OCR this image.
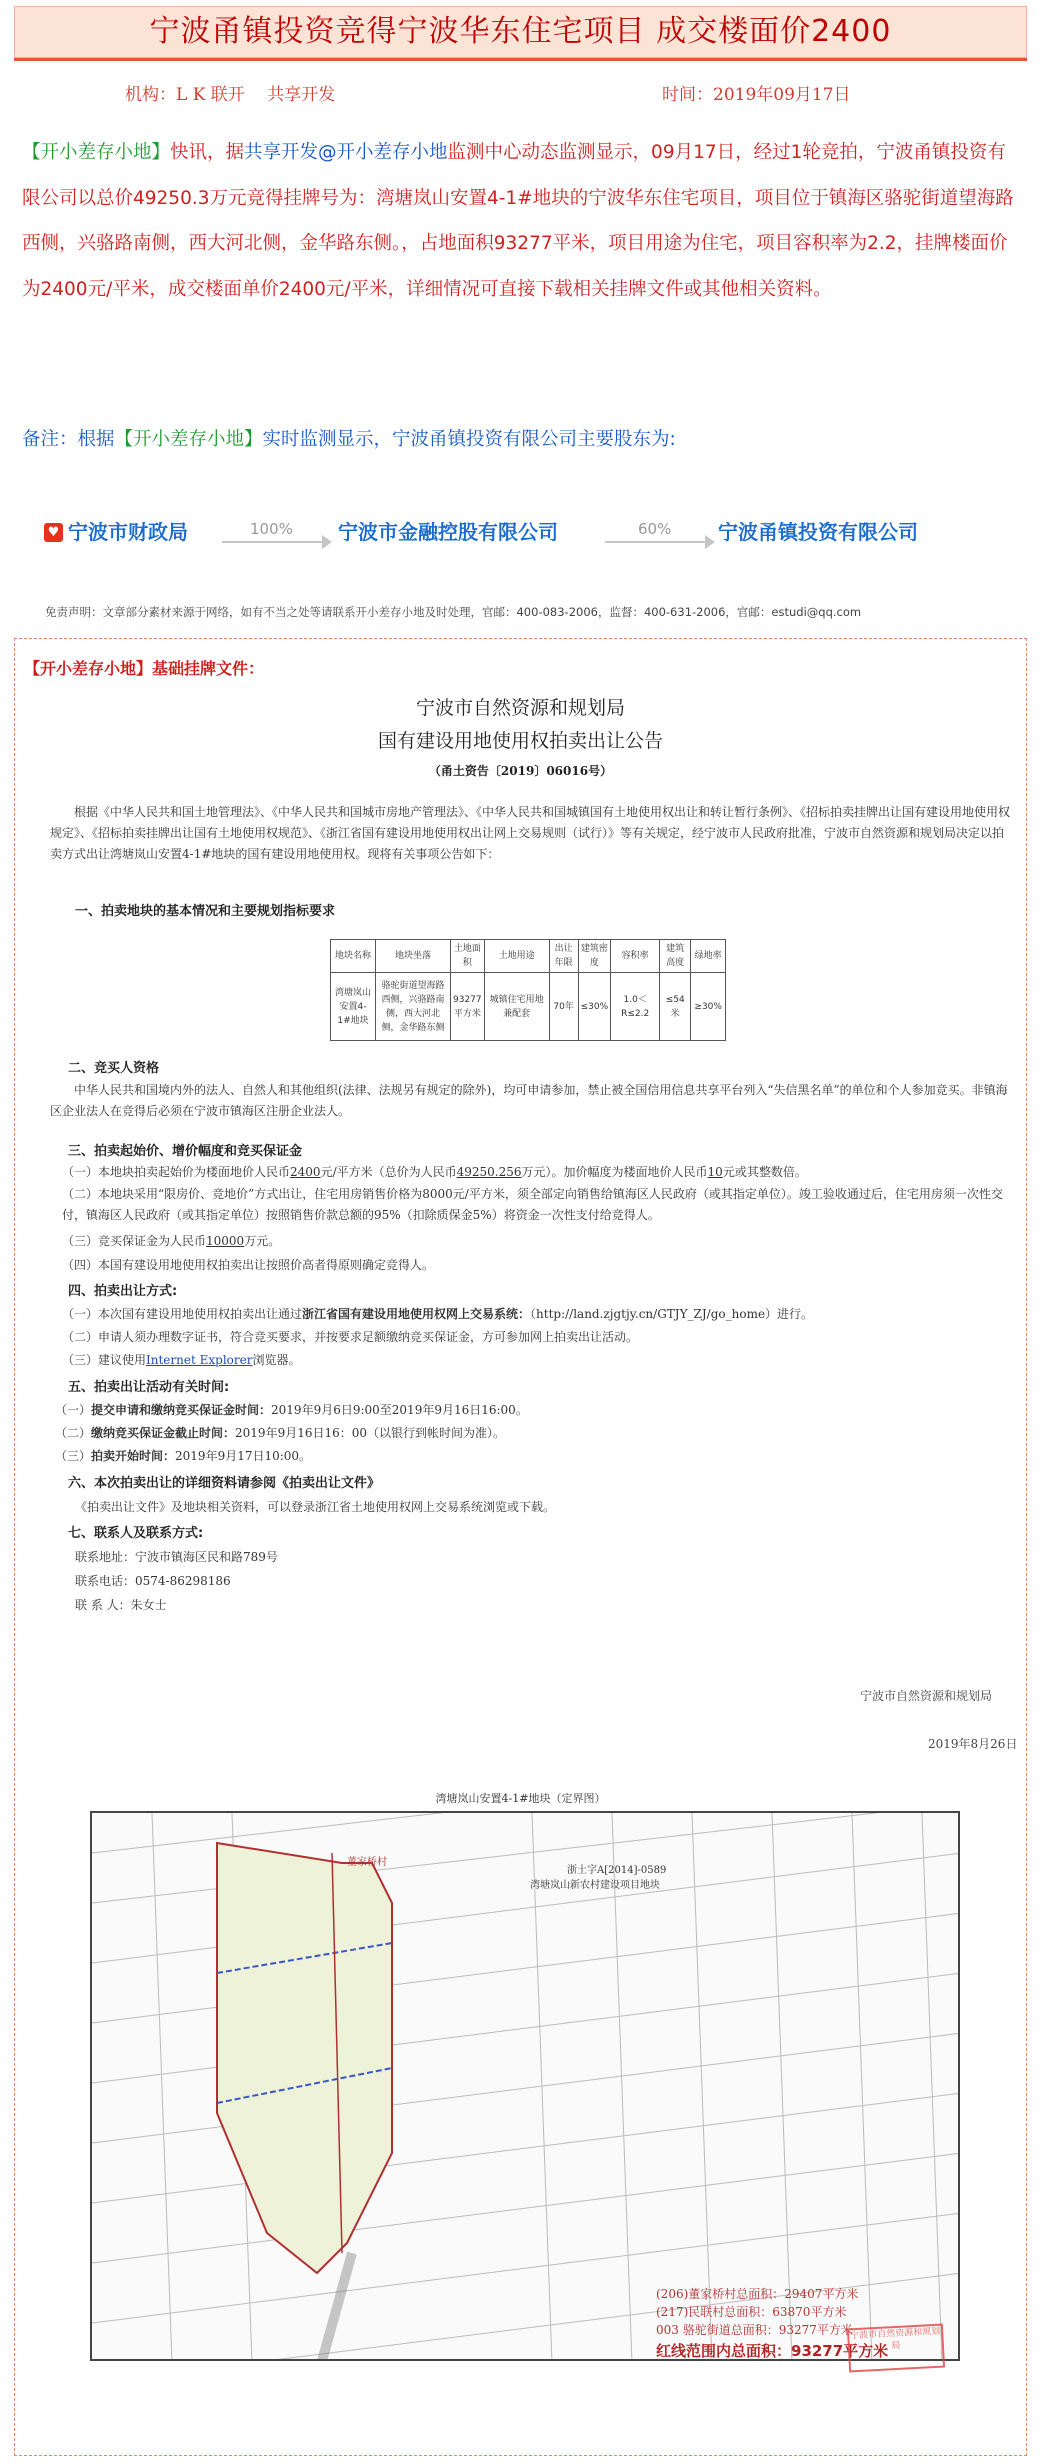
宁波甬镇投资竞得宁波华东住宅项目 成交楼面价2400
机构：L K 联开　 共享开发	时间：2019年09月17日
【开小差存小地】快讯，据共享开发@开小差存小地监测中心动态监测显示，09月17日，经过1轮竞拍，宁波甬镇投资有限公司以总价49250.3万元竞得挂牌号为：湾塘岚山安置4-1#地块的宁波华东住宅项目，项目位于镇海区骆驼街道望海路西侧，兴骆路南侧，西大河北侧，金华路东侧。，占地面积93277平米，项目用途为住宅，项目容积率为2.2，挂牌楼面价为2400元/平米，成交楼面单价2400元/平米，详细情况可直接下载相关挂牌文件或其他相关资料。
备注：根据【开小差存小地】实时监测显示，宁波甬镇投资有限公司主要股东为:
♥ 宁波市财政局	100% 宁波市金融控股有限公司	60% 宁波甬镇投资有限公司
免责声明：文章部分素材来源于网络，如有不当之处等请联系开小差存小地及时处理，官邮：400-083-2006，监督：400-631-2006，官邮：estudi@qq.com
【开小差存小地】基础挂牌文件：
宁波市自然资源和规划局
国有建设用地使用权拍卖出让公告
（甬土资告〔2019〕06016号）
根据《中华人民共和国土地管理法》、《中华人民共和国城市房地产管理法》、《中华人民共和国城镇国有土地使用权出让和转让暂行条例》、《招标拍卖挂牌出让国有建设用地使用权规定》、《招标拍卖挂牌出让国有土地使用权规范》、《浙江省国有建设用地使用权出让网上交易规则（试行）》等有关规定，经宁波市人民政府批准，宁波市自然资源和规划局决定以拍卖方式出让湾塘岚山安置4-1#地块的国有建设用地使用权。现将有关事项公告如下：
一、拍卖地块的基本情况和主要规划指标要求
地块名称	地块坐落	土地面积	土地用途	出让年限	建筑密度	容积率	建筑高度	绿地率
湾塘岚山安置4-1#地块	骆驼街道望海路西侧，兴骆路南侧，西大河北侧，金华路东侧	93277平方米	城镇住宅用地兼配套	70年	≤30%	1.0＜R≤2.2	≤54米	≥30%
二、竞买人资格
中华人民共和国境内外的法人、自然人和其他组织(法律、法规另有规定的除外)，均可申请参加，禁止被全国信用信息共享平台列入“失信黑名单”的单位和个人参加竞买。非镇海区企业法人在竞得后必须在宁波市镇海区注册企业法人。
三、拍卖起始价、增价幅度和竞买保证金
（一）本地块拍卖起始价为楼面地价人民币2400元/平方米（总价为人民币49250.256万元）。加价幅度为楼面地价人民币10元或其整数倍。
（二）本地块采用“限房价、竞地价”方式出让，住宅用房销售价格为8000元/平方米，须全部定向销售给镇海区人民政府（或其指定单位）。竣工验收通过后，住宅用房须一次性交付，镇海区人民政府（或其指定单位）按照销售价款总额的95%（扣除质保金5%）将资金一次性支付给竞得人。
（三）竞买保证金为人民币10000万元。
（四）本国有建设用地使用权拍卖出让按照价高者得原则确定竞得人。
四、拍卖出让方式:
（一）本次国有建设用地使用权拍卖出让通过浙江省国有建设用地使用权网上交易系统：（http://land.zjgtjy.cn/GTJY_ZJ/go_home）进行。
（二）申请人须办理数字证书，符合竞买要求，并按要求足额缴纳竞买保证金，方可参加网上拍卖出让活动。
（三）建议使用Internet Explorer浏览器。
五、拍卖出让活动有关时间:
（一）提交申请和缴纳竞买保证金时间：2019年9月6日9:00至2019年9月16日16:00。
（二）缴纳竞买保证金截止时间：2019年9月16日16：00（以银行到帐时间为准）。
（三）拍卖开始时间：2019年9月17日10:00。
六、本次拍卖出让的详细资料请参阅《拍卖出让文件》
《拍卖出让文件》及地块相关资料，可以登录浙江省土地使用权网上交易系统浏览或下载。
七、联系人及联系方式:
联系地址：宁波市镇海区民和路789号
联系电话：0574-86298186
联 系 人：朱女士
宁波市自然资源和规划局
2019年8月26日
湾塘岚山安置4-1#地块（定界图）
浙土字A[2014]-0589
湾塘岚山新农村建设项目地块
董家桥村
(206)董家桥村总面积：29407平方米
(217)民联村总面积：63870平方米
003 骆驼街道总面积：93277平方米
红线范围内总面积：93277平方米
宁波市自然资源和规划局
